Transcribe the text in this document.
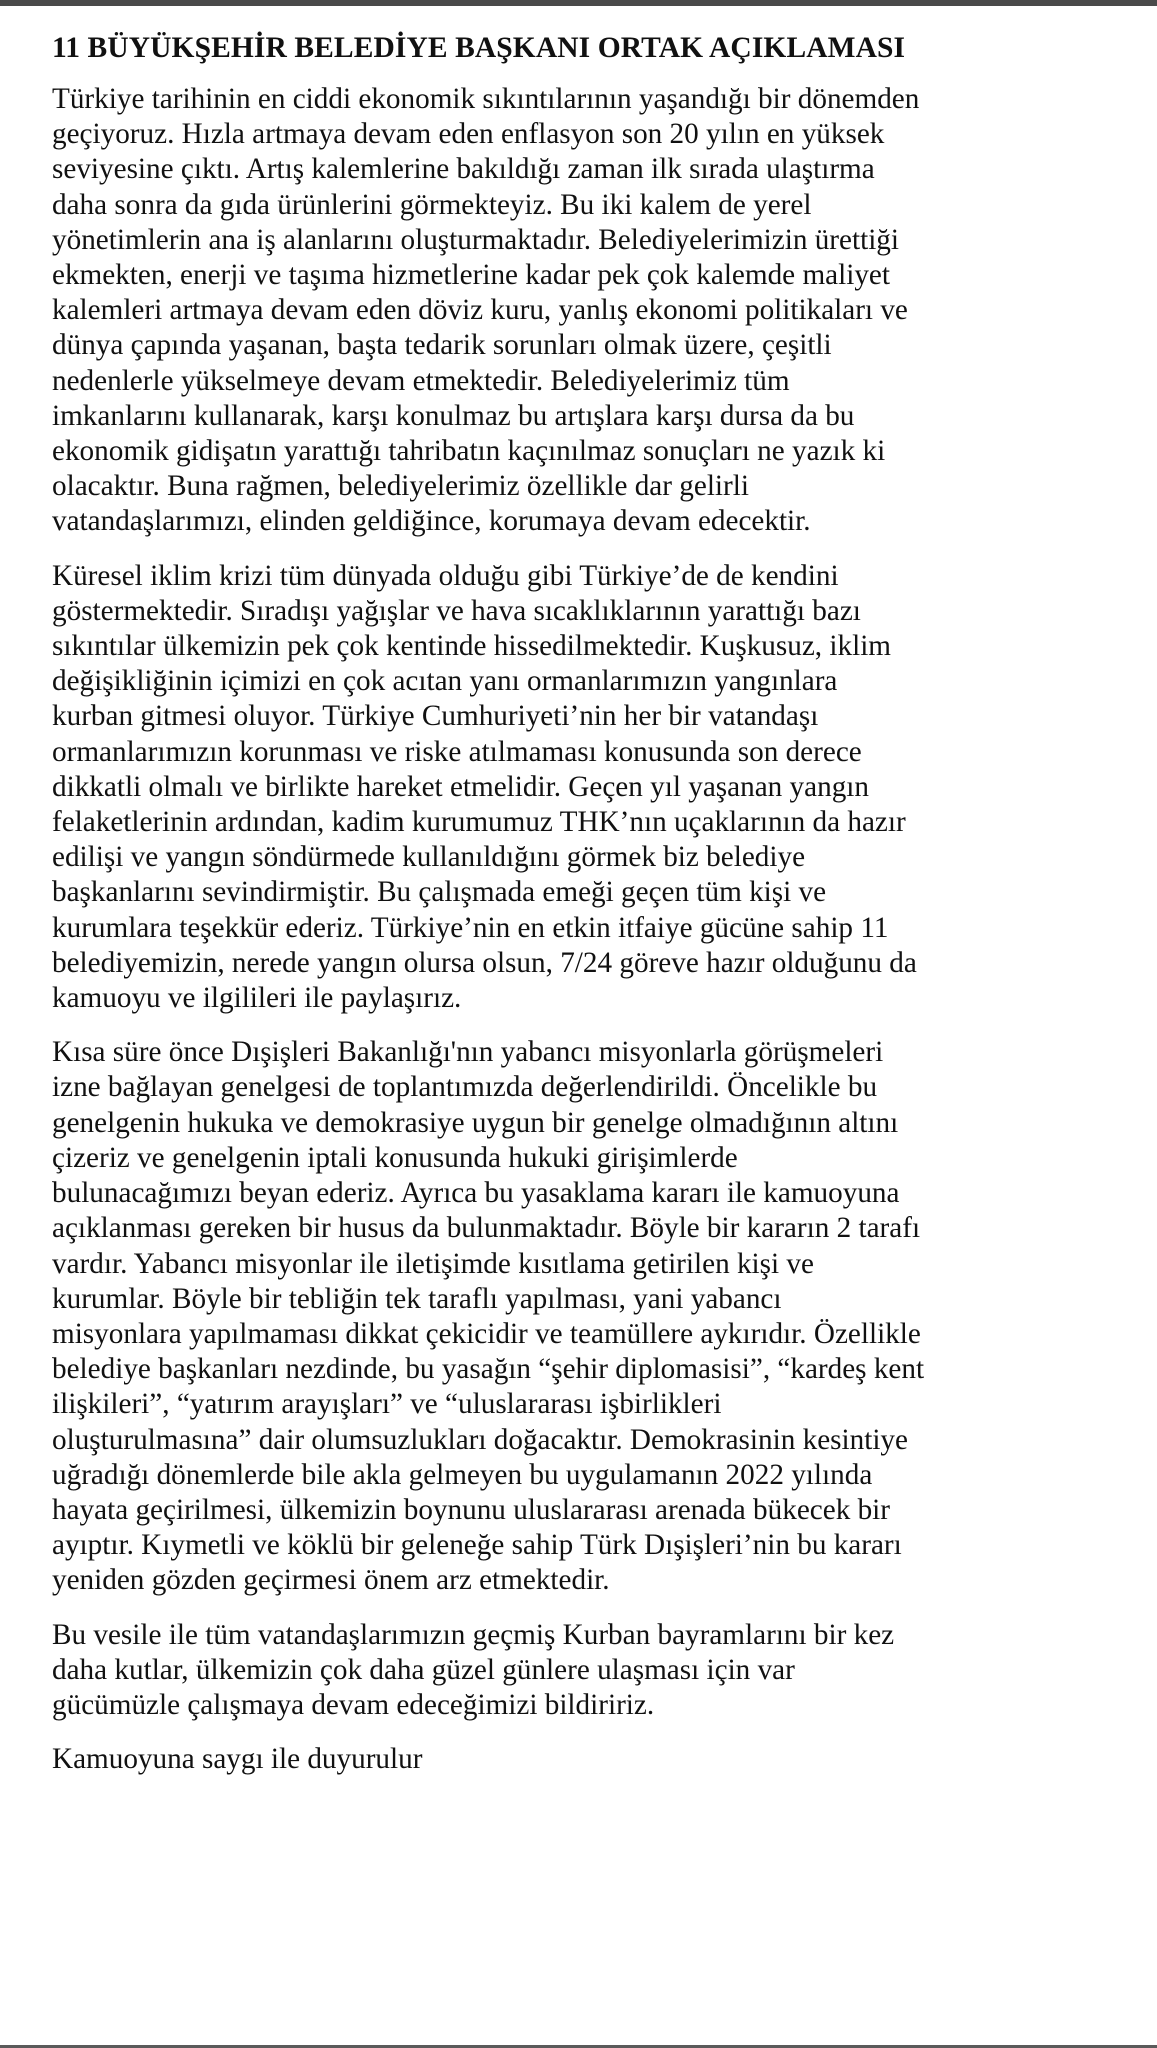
11 BÜYÜKŞEHİR BELEDİYE BAŞKANI ORTAK AÇIKLAMASI

Türkiye tarihinin en ciddi ekonomik sıkıntılarının yaşandığı bir dönemden
geçiyoruz. Hızla artmaya devam eden enflasyon son 20 yılın en yüksek
seviyesine çıktı. Artış kalemlerine bakıldığı zaman ilk sırada ulaştırma
daha sonra da gıda ürünlerini görmekteyiz. Bu iki kalem de yerel
yönetimlerin ana iş alanlarını oluşturmaktadır. Belediyelerimizin ürettiği
ekmekten, enerji ve taşıma hizmetlerine kadar pek çok kalemde maliyet
kalemleri artmaya devam eden döviz kuru, yanlış ekonomi politikaları ve
dünya çapında yaşanan, başta tedarik sorunları olmak üzere, çeşitli
nedenlerle yükselmeye devam etmektedir. Belediyelerimiz tüm
imkanlarını kullanarak, karşı konulmaz bu artışlara karşı dursa da bu
ekonomik gidişatın yarattığı tahribatın kaçınılmaz sonuçları ne yazık ki
olacaktır. Buna rağmen, belediyelerimiz özellikle dar gelirli
vatandaşlarımızı, elinden geldiğince, korumaya devam edecektir.

Küresel iklim krizi tüm dünyada olduğu gibi Türkiye’de de kendini
göstermektedir. Sıradışı yağışlar ve hava sıcaklıklarının yarattığı bazı
sıkıntılar ülkemizin pek çok kentinde hissedilmektedir. Kuşkusuz, iklim
değişikliğinin içimizi en çok acıtan yanı ormanlarımızın yangınlara
kurban gitmesi oluyor. Türkiye Cumhuriyeti’nin her bir vatandaşı
ormanlarımızın korunması ve riske atılmaması konusunda son derece
dikkatli olmalı ve birlikte hareket etmelidir. Geçen yıl yaşanan yangın
felaketlerinin ardından, kadim kurumumuz THK’nın uçaklarının da hazır
edilişi ve yangın söndürmede kullanıldığını görmek biz belediye
başkanlarını sevindirmiştir. Bu çalışmada emeği geçen tüm kişi ve
kurumlara teşekkür ederiz. Türkiye’nin en etkin itfaiye gücüne sahip 11
belediyemizin, nerede yangın olursa olsun, 7/24 göreve hazır olduğunu da
kamuoyu ve ilgilileri ile paylaşırız.

Kısa süre önce Dışişleri Bakanlığı'nın yabancı misyonlarla görüşmeleri
izne bağlayan genelgesi de toplantımızda değerlendirildi. Öncelikle bu
genelgenin hukuka ve demokrasiye uygun bir genelge olmadığının altını
çizeriz ve genelgenin iptali konusunda hukuki girişimlerde
bulunacağımızı beyan ederiz. Ayrıca bu yasaklama kararı ile kamuoyuna
açıklanması gereken bir husus da bulunmaktadır. Böyle bir kararın 2 tarafı
vardır. Yabancı misyonlar ile iletişimde kısıtlama getirilen kişi ve
kurumlar. Böyle bir tebliğin tek taraflı yapılması, yani yabancı
misyonlara yapılmaması dikkat çekicidir ve teamüllere aykırıdır. Özellikle
belediye başkanları nezdinde, bu yasağın “şehir diplomasisi”, “kardeş kent
ilişkileri”, “yatırım arayışları” ve “uluslararası işbirlikleri
oluşturulmasına” dair olumsuzlukları doğacaktır. Demokrasinin kesintiye
uğradığı dönemlerde bile akla gelmeyen bu uygulamanın 2022 yılında
hayata geçirilmesi, ülkemizin boynunu uluslararası arenada bükecek bir
ayıptır. Kıymetli ve köklü bir geleneğe sahip Türk Dışişleri’nin bu kararı
yeniden gözden geçirmesi önem arz etmektedir.

Bu vesile ile tüm vatandaşlarımızın geçmiş Kurban bayramlarını bir kez
daha kutlar, ülkemizin çok daha güzel günlere ulaşması için var
gücümüzle çalışmaya devam edeceğimizi bildiririz.

Kamuoyuna saygı ile duyurulur
